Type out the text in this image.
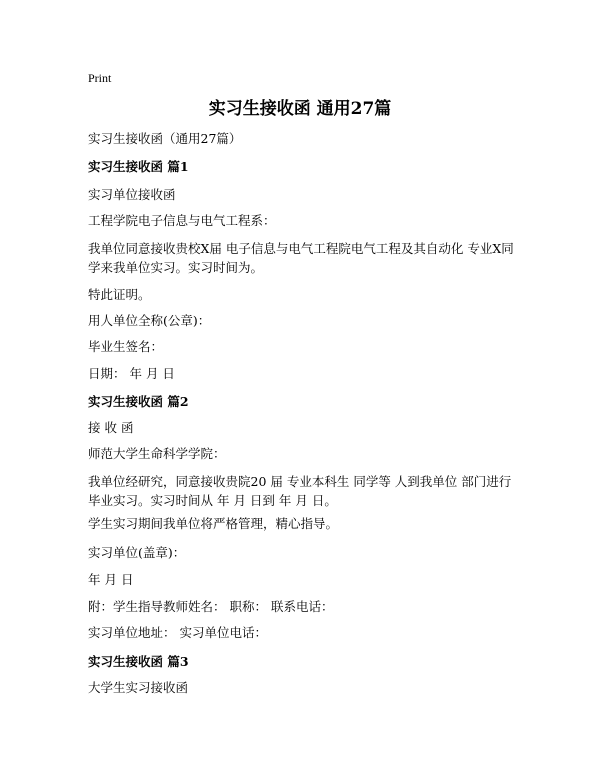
Print
实习生接收函 通用27篇

实习生接收函（通用27篇）

实习生接收函 篇1

实习单位接收函

工程学院电子信息与电气工程系：

我单位同意接收贵校X届 电子信息与电气工程院电气工程及其自动化 专业X同学来我单位实习。实习时间为。

特此证明。

用人单位全称(公章)：

毕业生签名：

日期： 年 月 日

实习生接收函 篇2

接 收 函

师范大学生命科学学院：

我单位经研究，同意接收贵院20 届 专业本科生 同学等 人到我单位 部门进行毕业实习。实习时间从 年 月 日到 年 月 日。

学生实习期间我单位将严格管理，精心指导。

实习单位(盖章)：

年 月 日

附：学生指导教师姓名： 职称： 联系电话：

实习单位地址： 实习单位电话：

实习生接收函 篇3

大学生实习接收函
